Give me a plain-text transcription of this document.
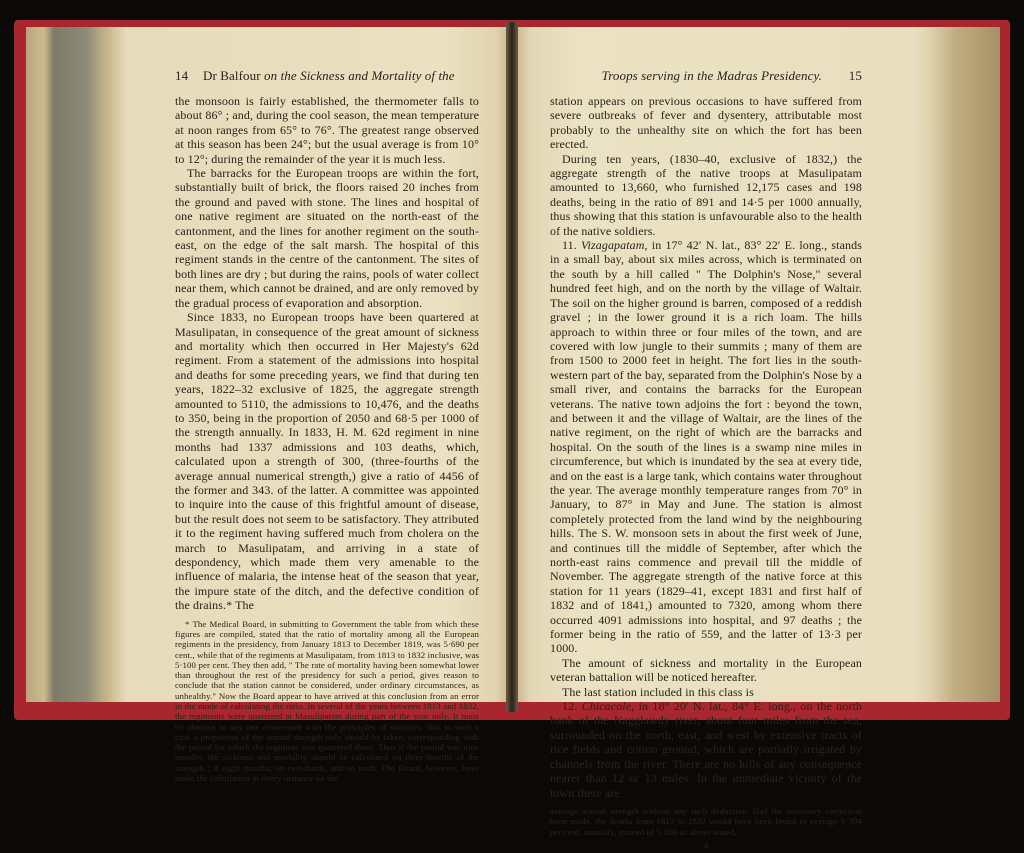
14 Dr Balfour on the Sickness and Mortality of the

the monsoon is fairly established, the thermometer falls to about 86° ; and, during the cool season, the mean temperature at noon ranges from 65° to 76°. The greatest range observed at this season has been 24°; but the usual average is from 10° to 12°; during the remainder of the year it is much less.

The barracks for the European troops are within the fort, substantially built of brick, the floors raised 20 inches from the ground and paved with stone. The lines and hospital of one native regiment are situated on the north-east of the cantonment, and the lines for another regiment on the south-east, on the edge of the salt marsh. The hospital of this regiment stands in the centre of the cantonment. The sites of both lines are dry ; but during the rains, pools of water collect near them, which cannot be drained, and are only removed by the gradual process of evaporation and absorption.

Since 1833, no European troops have been quartered at Masulipatan, in consequence of the great amount of sickness and mortality which then occurred in Her Majesty's 62d regiment. From a statement of the admissions into hospital and deaths for some preceding years, we find that during ten years, 1822–32 exclusive of 1825, the aggregate strength amounted to 5110, the admissions to 10,476, and the deaths to 350, being in the proportion of 2050 and 68·5 per 1000 of the strength annually. In 1833, H. M. 62d regiment in nine months had 1337 admissions and 103 deaths, which, calculated upon a strength of 300, (three-fourths of the average annual numerical strength,) give a ratio of 4456 of the former and 343. of the latter. A committee was appointed to inquire into the cause of this frightful amount of disease, but the result does not seem to be satisfactory. They attributed it to the regiment having suffered much from cholera on the march to Masulipatam, and arriving in a state of despondency, which made them very amenable to the influence of malaria, the intense heat of the season that year, the impure state of the ditch, and the defective condition of the drains.* The

* The Medical Board, in submitting to Government the table from which these figures are compiled, stated that the ratio of mortality among all the European regiments in the presidency, from January 1813 to December 1819, was 5·690 per cent., while that of the regiments at Masulipatam, from 1813 to 1832 inclusive, was 5·100 per cent. They then add, " The rate of mortality having been somewhat lower than throughout the rest of the presidency for such a period, gives reason to conclude that the station cannot be considered, under ordinary circumstances, as unhealthy." Now the Board appear to have arrived at this conclusion from an error in the mode of calculating the ratio. In several of the years between 1813 and 1832, the regiments were quartered at Masulipatam during part of the year only. It must be obvious to any one conversant with the principles of statistics, that in such a case a proportion of the annual strength only should be taken, corresponding with the period for which the regiment was quartered there. Thus if the period was nine months, the sickness and mortality should be calculated on three-fourths of the strength ; if eight months, on two-thirds, and so forth. The Board, however, have made the calculation in every instance on the

Troops serving in the Madras Presidency. 15

station appears on previous occasions to have suffered from severe outbreaks of fever and dysentery, attributable most probably to the unhealthy site on which the fort has been erected.

During ten years, (1830–40, exclusive of 1832,) the aggregate strength of the native troops at Masulipatam amounted to 13,660, who furnished 12,175 cases and 198 deaths, being in the ratio of 891 and 14·5 per 1000 annually, thus showing that this station is unfavourable also to the health of the native soldiers.

11. Vizagapatam, in 17° 42′ N. lat., 83° 22′ E. long., stands in a small bay, about six miles across, which is terminated on the south by a hill called " The Dolphin's Nose," several hundred feet high, and on the north by the village of Waltair. The soil on the higher ground is barren, composed of a reddish gravel ; in the lower ground it is a rich loam. The hills approach to within three or four miles of the town, and are covered with low jungle to their summits ; many of them are from 1500 to 2000 feet in height. The fort lies in the south-western part of the bay, separated from the Dolphin's Nose by a small river, and contains the barracks for the European veterans. The native town adjoins the fort : beyond the town, and between it and the village of Waltair, are the lines of the native regiment, on the right of which are the barracks and hospital. On the south of the lines is a swamp nine miles in circumference, but which is inundated by the sea at every tide, and on the east is a large tank, which contains water throughout the year. The average monthly temperature ranges from 70° in January, to 87° in May and June. The station is almost completely protected from the land wind by the neighbouring hills. The S. W. monsoon sets in about the first week of June, and continues till the middle of September, after which the north-east rains commence and prevail till the middle of November. The aggregate strength of the native force at this station for 11 years (1829–41, except 1831 and first half of 1832 and of 1841,) amounted to 7320, among whom there occurred 4091 admissions into hospital, and 97 deaths ; the former being in the ratio of 559, and the latter of 13·3 per 1000.

The amount of sickness and mortality in the European veteran battalion will be noticed hereafter.

The last station included in this class is

12. Chicacole, in 18° 20′ N. lat., 84° E. long., on the north bank of the Nagglawdy river, about four miles from the sea, surrounded on the north, east, and west by extensive tracts of rice fields and cotton ground, which are partially irrigated by channels from the river. There are no hills of any consequence nearer than 12 or 13 miles. In the immediate vicinity of the town there are

average annual strength without any such deduction. Had the necessary correction been made, the deaths from 1813 to 1832 would have been found to average 6·394 per cent. annually, instead of 5·100 as above stated.

4
